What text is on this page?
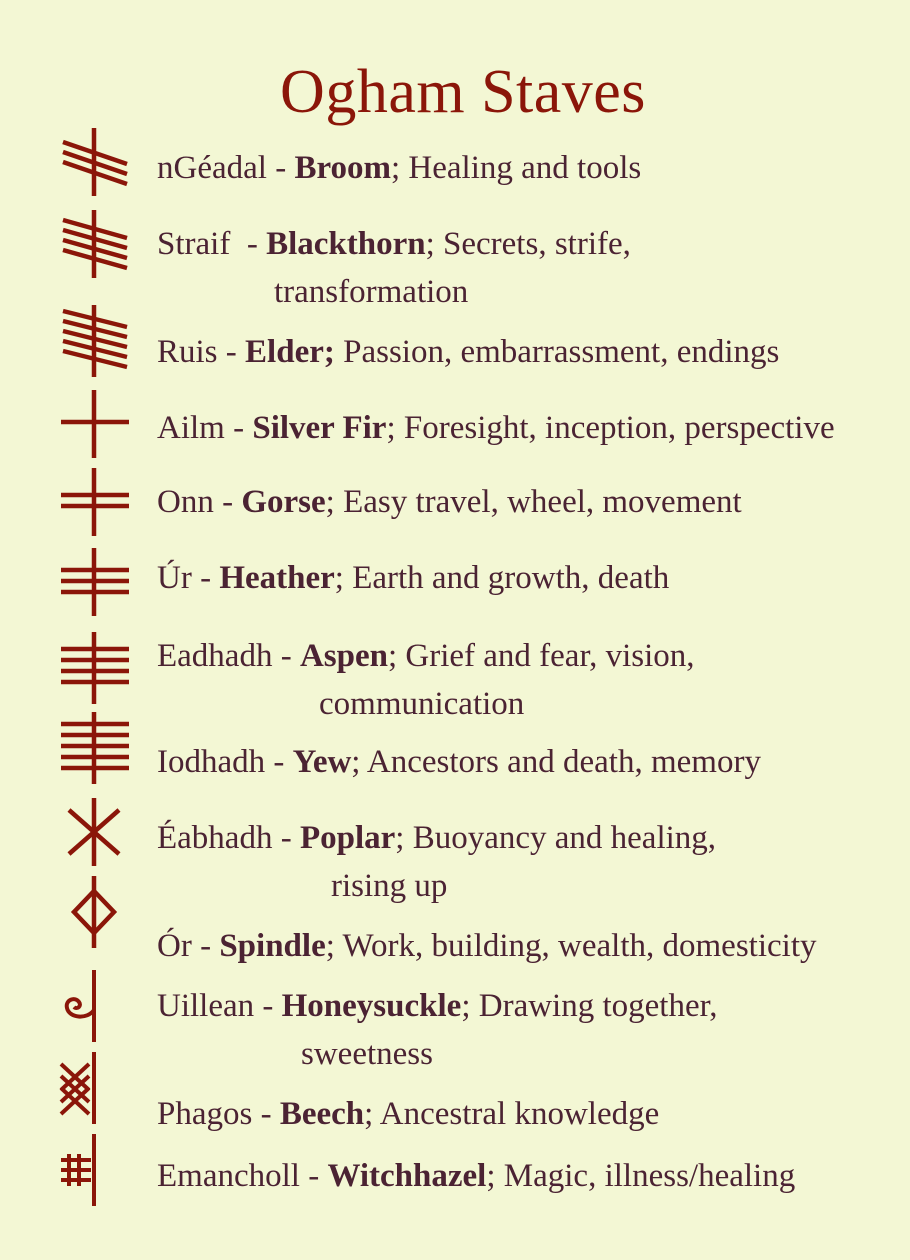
Ogham Staves
nGéadal - Broom; Healing and tools
Straif  - Blackthorn; Secrets, strife,
transformation
Ruis - Elder; Passion, embarrassment, endings
Ailm - Silver Fir; Foresight, inception, perspective
Onn - Gorse; Easy travel, wheel, movement
Úr - Heather; Earth and growth, death
Eadhadh - Aspen; Grief and fear, vision,
communication
Iodhadh - Yew; Ancestors and death, memory
Éabhadh - Poplar; Buoyancy and healing,
rising up
Ór - Spindle; Work, building, wealth, domesticity
Uillean - Honeysuckle; Drawing together,
sweetness
Phagos - Beech; Ancestral knowledge
Emancholl - Witchhazel; Magic, illness/healing
